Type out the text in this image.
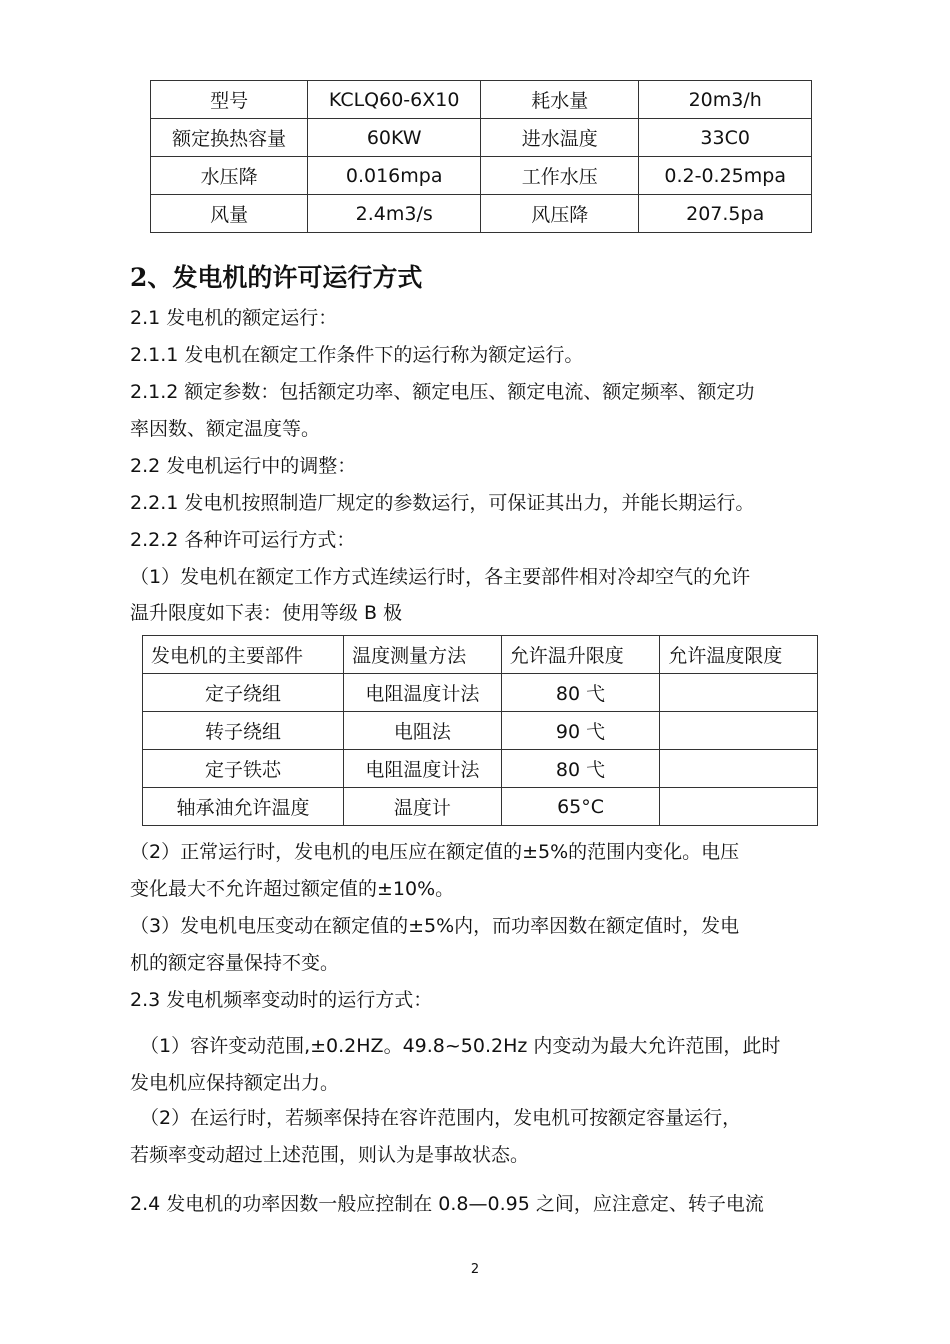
型号	KCLQ60-6X10	耗水量	20m3/h
额定换热容量	60KW	进水温度	33C0
水压降	0.016mpa	工作水压	0.2-0.25mpa
风量	2.4m3/s	风压降	207.5pa
2、发电机的许可运行方式
2.1 发电机的额定运行：
2.1.1 发电机在额定工作条件下的运行称为额定运行。
2.1.2 额定参数：包括额定功率、额定电压、额定电流、额定频率、额定功
率因数、额定温度等。
2.2 发电机运行中的调整：
2.2.1 发电机按照制造厂规定的参数运行，可保证其出力，并能长期运行。
2.2.2 各种许可运行方式：
（1）发电机在额定工作方式连续运行时，各主要部件相对冷却空气的允许
温升限度如下表：使用等级 B 极
发电机的主要部件	温度测量方法	允许温升限度	允许温度限度
定子绕组	电阻温度计法	80 弋	
转子绕组	电阻法	90 弋	
定子铁芯	电阻温度计法	80 弋	
轴承油允许温度	温度计	65°C	
（2）正常运行时，发电机的电压应在额定值的±5%的范围内变化。电压
变化最大不允许超过额定值的±10%。
（3）发电机电压变动在额定值的±5%内，而功率因数在额定值时，发电
机的额定容量保持不变。
2.3 发电机频率变动时的运行方式：
（1）容许变动范围,±0.2HZ。49.8~50.2Hz 内变动为最大允许范围，此时
发电机应保持额定出力。
（2）在运行时，若频率保持在容许范围内，发电机可按额定容量运行，
若频率变动超过上述范围，则认为是事故状态。
2.4 发电机的功率因数一般应控制在 0.8—0.95 之间，应注意定、转子电流
2
